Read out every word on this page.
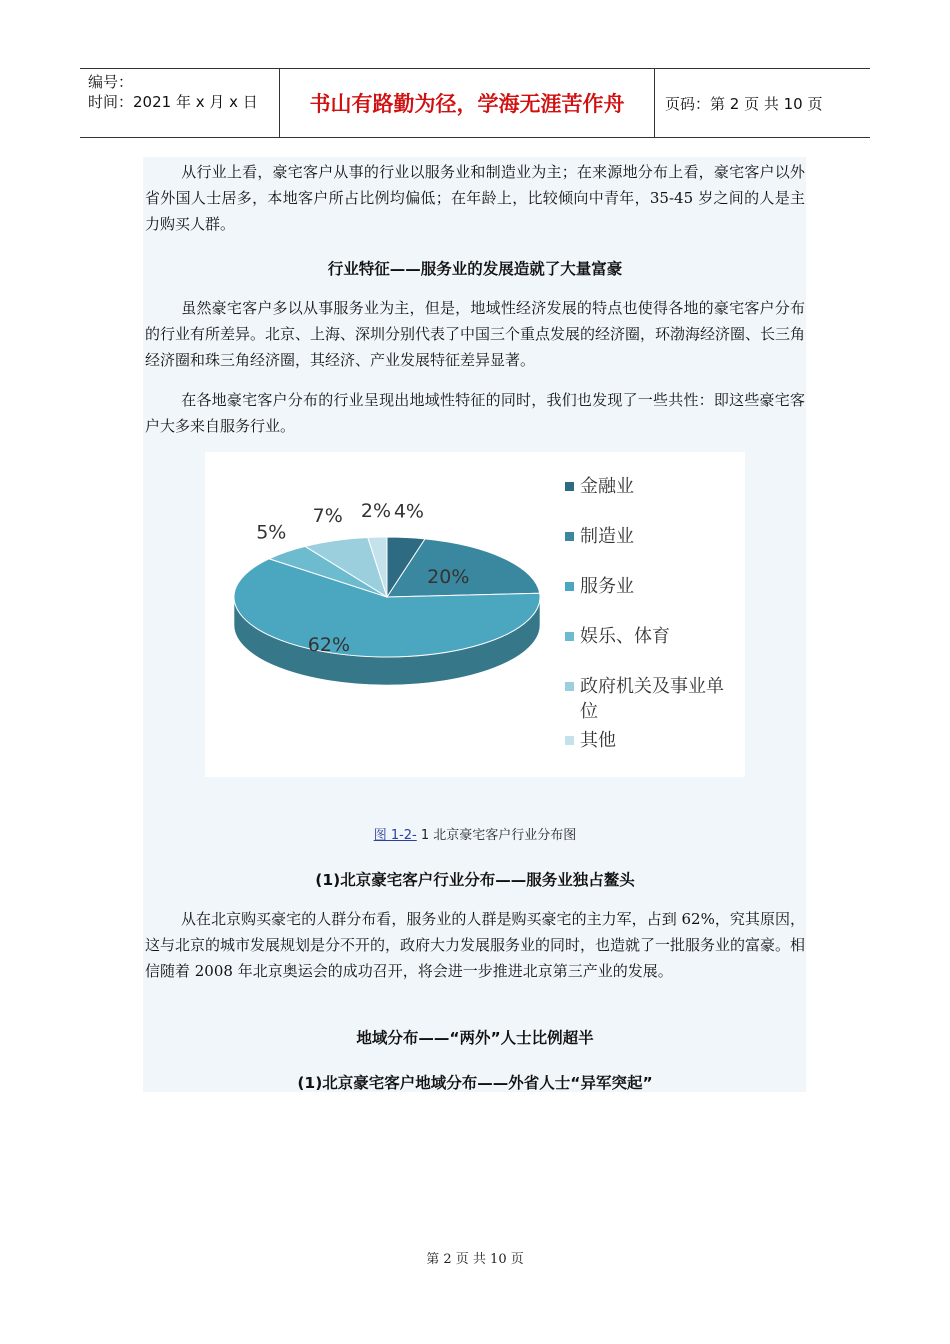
编号：
时间：2021 年 x 月 x 日	书山有路勤为径，学海无涯苦作舟	页码：第 2 页 共 10 页
从行业上看，豪宅客户从事的行业以服务业和制造业为主；在来源地分布上看，豪宅客户以外省外国人士居多，本地客户所占比例均偏低；在年龄上，比较倾向中青年，35-45 岁之间的人是主力购买人群。
行业特征——服务业的发展造就了大量富豪
虽然豪宅客户多以从事服务业为主，但是，地域性经济发展的特点也使得各地的豪宅客户分布的行业有所差异。北京、上海、深圳分别代表了中国三个重点发展的经济圈，环渤海经济圈、长三角经济圈和珠三角经济圈，其经济、产业发展特征差异显著。
在各地豪宅客户分布的行业呈现出地域性特征的同时，我们也发现了一些共性：即这些豪宅客户大多来自服务行业。
4%
20%
62%
5%
7% 2%
金融业
制造业
服务业
娱乐、体育
政府机关及事业单位
其他
图 1-2- 1 北京豪宅客户行业分布图
(1)北京豪宅客户行业分布——服务业独占鳌头
从在北京购买豪宅的人群分布看，服务业的人群是购买豪宅的主力军，占到 62%，究其原因，这与北京的城市发展规划是分不开的，政府大力发展服务业的同时，也造就了一批服务业的富豪。相信随着 2008 年北京奥运会的成功召开，将会进一步推进北京第三产业的发展。
地域分布——“两外”人士比例超半
(1)北京豪宅客户地域分布——外省人士“异军突起”
第 2 页 共 10 页
